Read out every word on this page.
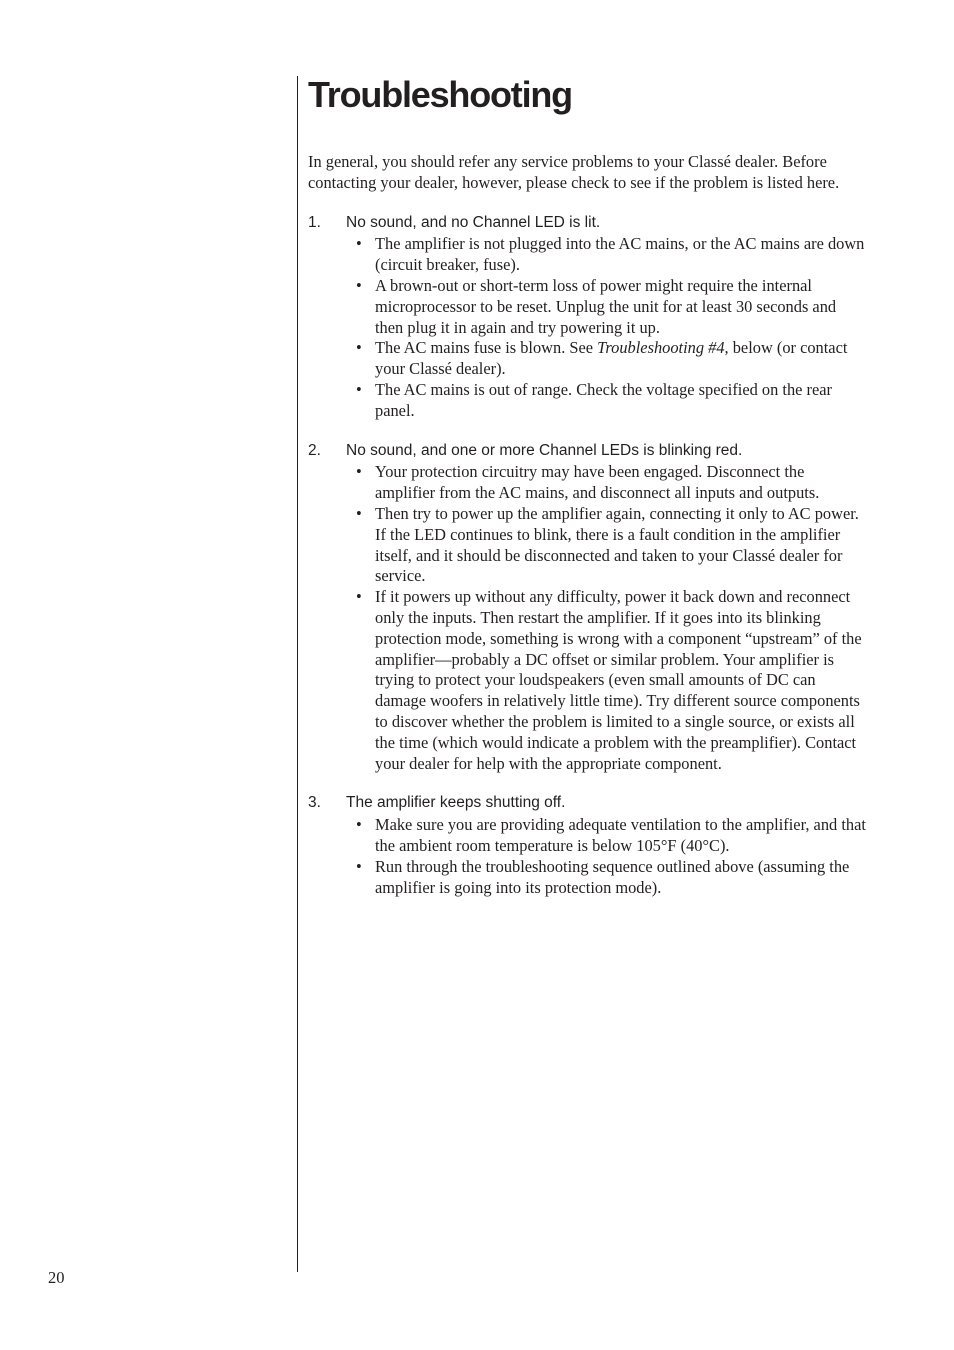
Troubleshooting

In general, you should refer any service problems to your Classé dealer. Before contacting your dealer, however, please check to see if the problem is listed here.

1.	No sound, and no Channel LED is lit.
• The amplifier is not plugged into the AC mains, or the AC mains are down (circuit breaker, fuse).
• A brown-out or short-term loss of power might require the internal microprocessor to be reset. Unplug the unit for at least 30 seconds and then plug it in again and try powering it up.
• The AC mains fuse is blown. See Troubleshooting #4, below (or contact your Classé dealer).
• The AC mains is out of range. Check the voltage specified on the rear panel.
2.	No sound, and one or more Channel LEDs is blinking red.
• Your protection circuitry may have been engaged. Disconnect the amplifier from the AC mains, and disconnect all inputs and outputs.
• Then try to power up the amplifier again, connecting it only to AC power. If the LED continues to blink, there is a fault condition in the amplifier itself, and it should be disconnected and taken to your Classé dealer for service.
• If it powers up without any difficulty, power it back down and reconnect only the inputs. Then restart the amplifier. If it goes into its blinking protection mode, something is wrong with a component “upstream” of the amplifier—probably a DC offset or similar problem. Your amplifier is trying to protect your loudspeakers (even small amounts of DC can damage woofers in relatively little time). Try different source components to discover whether the problem is limited to a single source, or exists all the time (which would indicate a problem with the preamplifier). Contact your dealer for help with the appropriate component.
3.	The amplifier keeps shutting off.
• Make sure you are providing adequate ventilation to the amplifier, and that the ambient room temperature is below 105°F (40°C).
• Run through the troubleshooting sequence outlined above (assuming the amplifier is going into its protection mode).
20
